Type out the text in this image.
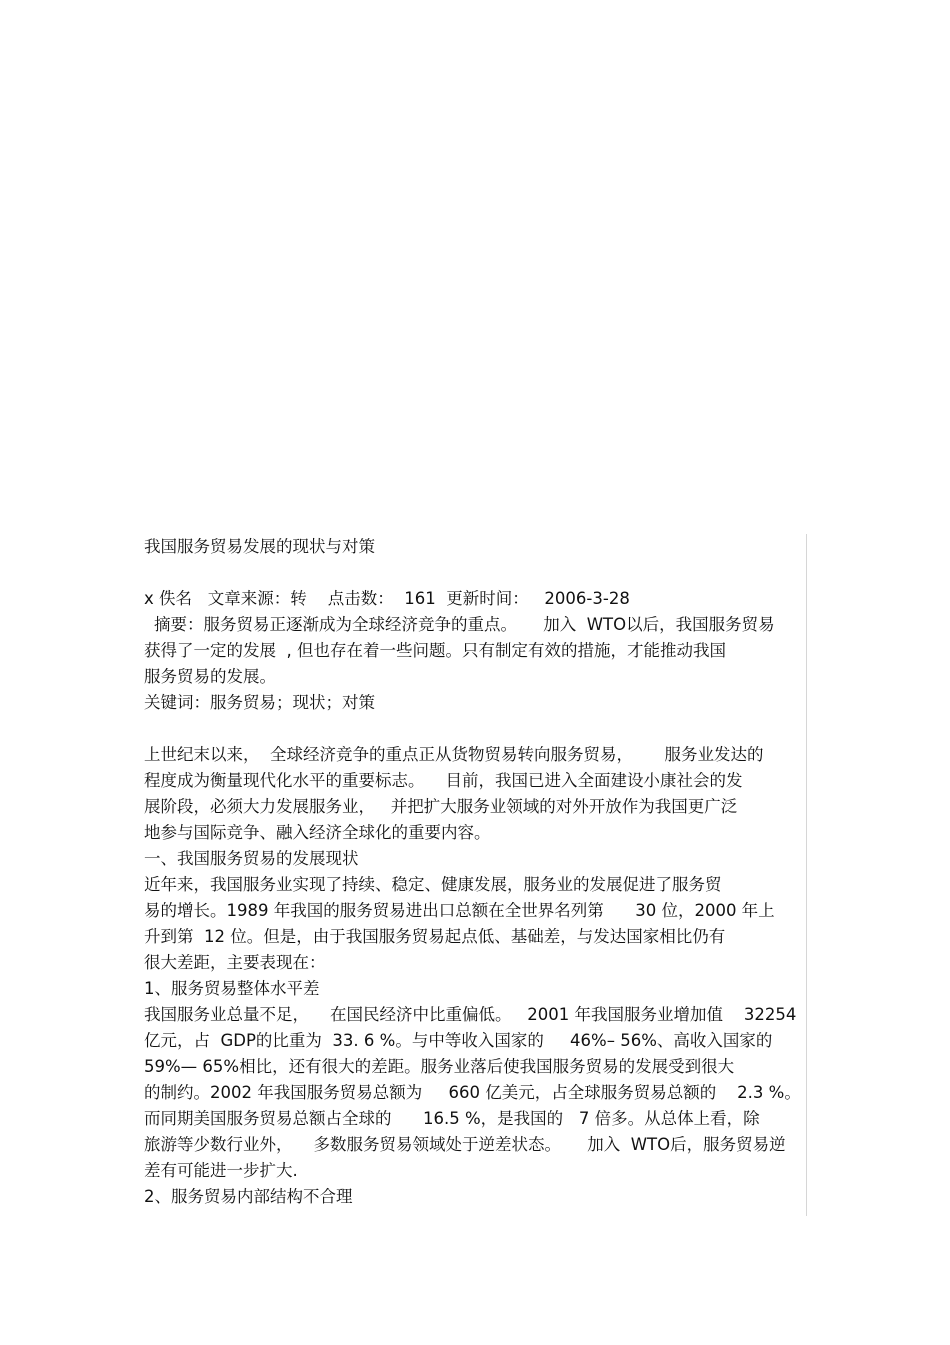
我国服务贸易发展的现状与对策
x 佚名   文章来源：转    点击数：  161  更新时间：   2006-3-28
摘要：服务贸易正逐渐成为全球经济竞争的重点。     加入  WTO以后，我国服务贸易
获得了一定的发展  , 但也存在着一些问题。只有制定有效的措施，才能推动我国
服务贸易的发展。
关键词：服务贸易；现状；对策
上世纪末以来，  全球经济竞争的重点正从货物贸易转向服务贸易，      服务业发达的
程度成为衡量现代化水平的重要标志。    目前，我国已进入全面建设小康社会的发
展阶段，必须大力发展服务业，   并把扩大服务业领域的对外开放作为我国更广泛
地参与国际竞争、融入经济全球化的重要内容。
一、我国服务贸易的发展现状
近年来，我国服务业实现了持续、稳定、健康发展，服务业的发展促进了服务贸
易的增长。1989 年我国的服务贸易进出口总额在全世界名列第      30 位，2000 年上
升到第  12 位。但是，由于我国服务贸易起点低、基础差，与发达国家相比仍有
很大差距，主要表现在：
1、服务贸易整体水平差
我国服务业总量不足，    在国民经济中比重偏低。   2001 年我国服务业增加值    32254
亿元，占  GDP的比重为  33. 6 %。与中等收入国家的     46%– 56%、高收入国家的
59%— 65%相比，还有很大的差距。服务业落后使我国服务贸易的发展受到很大
的制约。2002 年我国服务贸易总额为     660 亿美元，占全球服务贸易总额的    2.3 %。
而同期美国服务贸易总额占全球的      16.5 %，是我国的   7 倍多。从总体上看，除
旅游等少数行业外，    多数服务贸易领域处于逆差状态。     加入  WTO后，服务贸易逆
差有可能进一步扩大.
2、服务贸易内部结构不合理
